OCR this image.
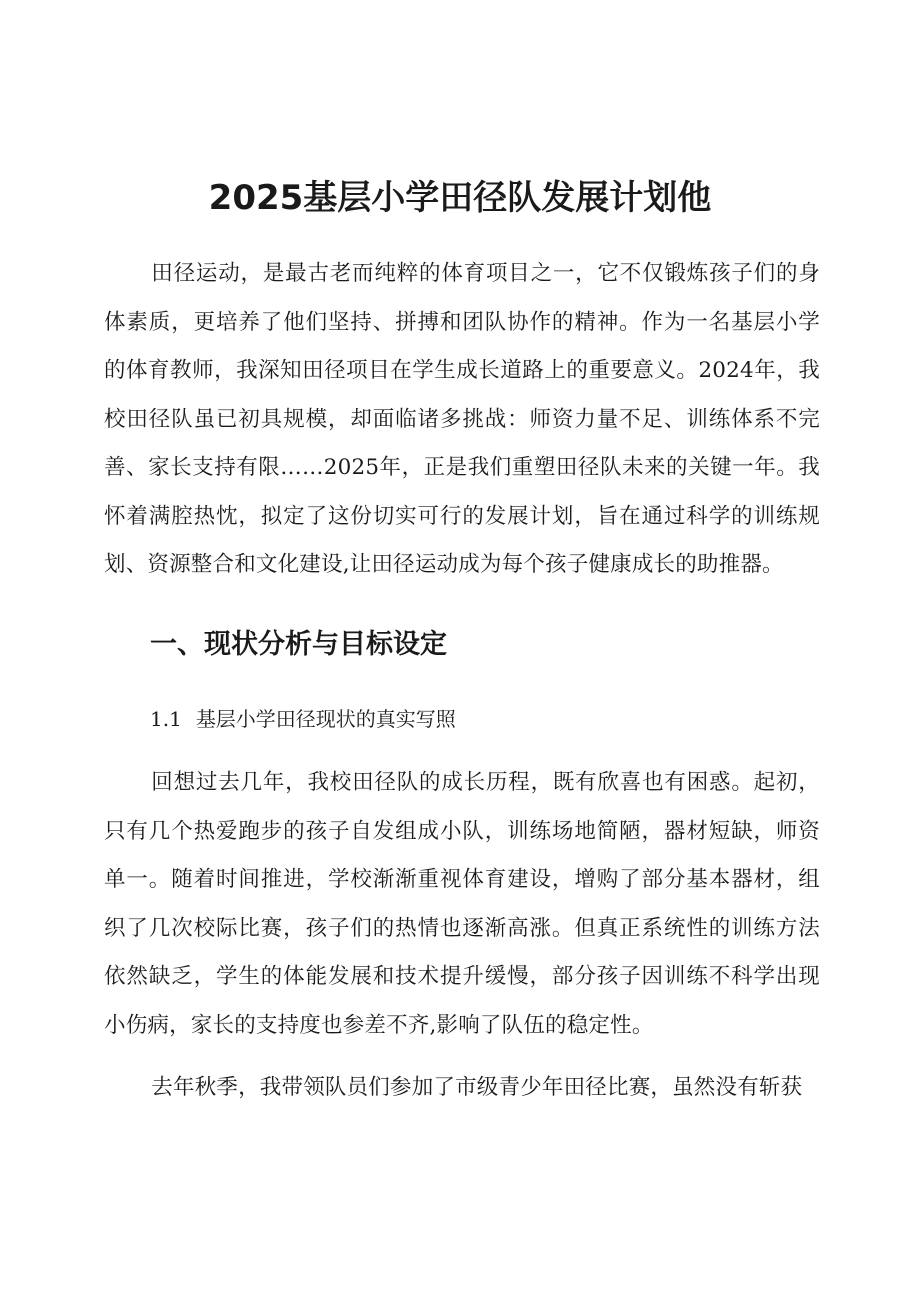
2025基层小学田径队发展计划他

田径运动，是最古老而纯粹的体育项目之一，它不仅锻炼孩子们的身体素质，更培养了他们坚持、拼搏和团队协作的精神。作为一名基层小学的体育教师，我深知田径项目在学生成长道路上的重要意义。2024年，我校田径队虽已初具规模，却面临诸多挑战：师资力量不足、训练体系不完善、家长支持有限……2025年，正是我们重塑田径队未来的关键一年。我怀着满腔热忱，拟定了这份切实可行的发展计划，旨在通过科学的训练规划、资源整合和文化建设,让田径运动成为每个孩子健康成长的助推器。

一、现状分析与目标设定
1.1 基层小学田径现状的真实写照

回想过去几年，我校田径队的成长历程，既有欣喜也有困惑。起初，只有几个热爱跑步的孩子自发组成小队，训练场地简陋，器材短缺，师资单一。随着时间推进，学校渐渐重视体育建设，增购了部分基本器材，组织了几次校际比赛，孩子们的热情也逐渐高涨。但真正系统性的训练方法依然缺乏，学生的体能发展和技术提升缓慢，部分孩子因训练不科学出现小伤病，家长的支持度也参差不齐,影响了队伍的稳定性。

去年秋季，我带领队员们参加了市级青少年田径比赛，虽然没有斩获
